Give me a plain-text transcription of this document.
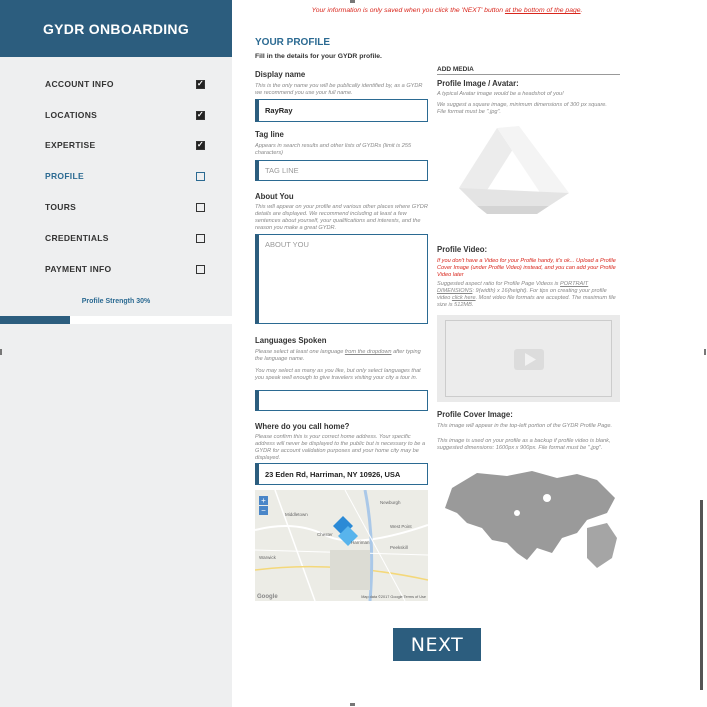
GYDR ONBOARDING
ACCOUNT INFO	✓
LOCATIONS	✓
EXPERTISE	✓
PROFILE
TOURS
CREDENTIALS
PAYMENT INFO
Profile Strength 30%
Your information is only saved when you click the 'NEXT' button at the bottom of the page.
YOUR PROFILE
Fill in the details for your GYDR profile.
Display name
This is the only name you will be publically identified by, as a GYDR we recommend you use your full name.
RayRay
Tag line
Appears in search results and other lists of GYDRs (limit is 255 characters)
TAG LINE
About You
This will appear on your profile and various other places where GYDR details are displayed. We recommend including at least a few sentences about yourself, your qualifications and interests, and the reason you make a great GYDR.
ABOUT YOU
Languages Spoken
Please select at least one language from the dropdown after typing the language name.
You may select as many as you like, but only select languages that you speak well enough to give travelers visiting your city a tour in.
Where do you call home?
Please confirm this is your correct home address. Your specific address will never be displayed to the public but is necessary to be a GYDR for account validation purposes and your home city may be displayed.
23 Eden Rd, Harriman, NY 10926, USA
+
−	Middletown
Newburgh
Chester
West Point
Harriman
Peekskill
Warwick
Google	Map data ©2017 Google Terms of Use
ADD MEDIA
Profile Image / Avatar:
A typical Avatar image would be a headshot of you!
We suggest a square image, minimum dimensions of 300 px square. File format must be ".jpg".
Profile Video:
If you don't have a Video for your Profile handy, it's ok... Upload a Profile Cover Image (under Profile Video) instead, and you can add your Profile Video later
Suggested aspect ratio for Profile Page Videos is PORTRAIT DIMENSIONS: 9(width) x 16(height). For tips on creating your profile video click here. Most video file formats are accepted. The maximum file size is 512MB.
Profile Cover Image:
This image will appear in the top-left portion of the GYDR Profile Page.
This image is used on your profile as a backup if profile video is blank, suggested dimensions: 1600px x 900px. File format must be ".jpg".
NEXT
